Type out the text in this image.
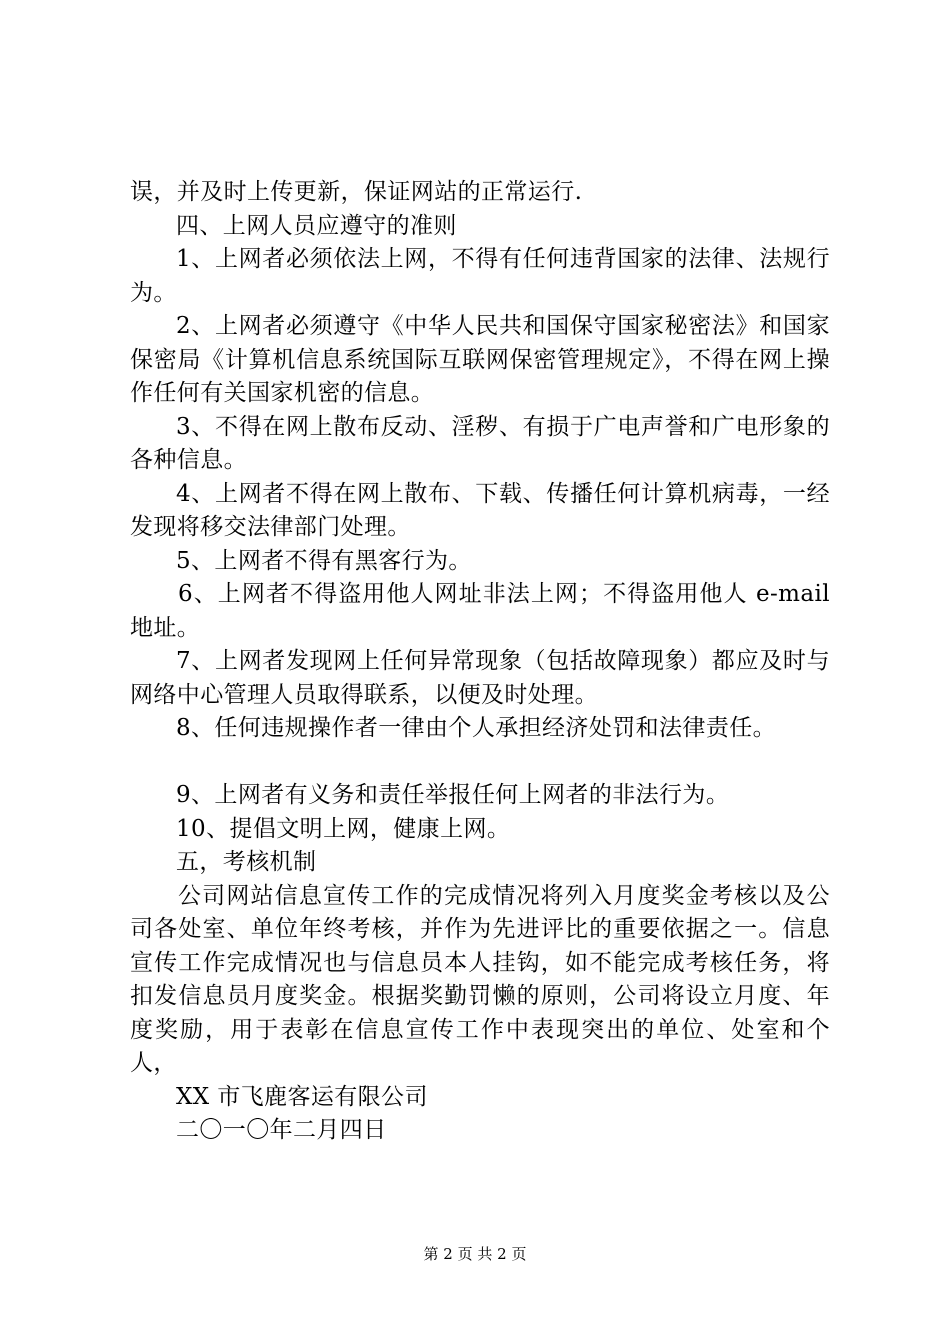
误，并及时上传更新，保证网站的正常运行.

四、上网人员应遵守的准则

1、上网者必须依法上网，不得有任何违背国家的法律、法规行为。

2、上网者必须遵守《中华人民共和国保守国家秘密法》和国家保密局《计算机信息系统国际互联网保密管理规定》，不得在网上操作任何有关国家机密的信息。

3、不得在网上散布反动、淫秽、有损于广电声誉和广电形象的各种信息。

4、上网者不得在网上散布、下载、传播任何计算机病毒，一经发现将移交法律部门处理。

5、上网者不得有黑客行为。

6、上网者不得盗用他人网址非法上网；不得盗用他人 e-mail 地址。

7、上网者发现网上任何异常现象（包括故障现象）都应及时与网络中心管理人员取得联系，以便及时处理。

8、任何违规操作者一律由个人承担经济处罚和法律责任。

9、上网者有义务和责任举报任何上网者的非法行为。

10、提倡文明上网，健康上网。

五，考核机制

公司网站信息宣传工作的完成情况将列入月度奖金考核以及公司各处室、单位年终考核，并作为先进评比的重要依据之一。信息宣传工作完成情况也与信息员本人挂钩，如不能完成考核任务，将扣发信息员月度奖金。根据奖勤罚懒的原则，公司将设立月度、年度奖励，用于表彰在信息宣传工作中表现突出的单位、处室和个人，

XX 市飞鹿客运有限公司

二〇一〇年二月四日

第 2 页 共 2 页
